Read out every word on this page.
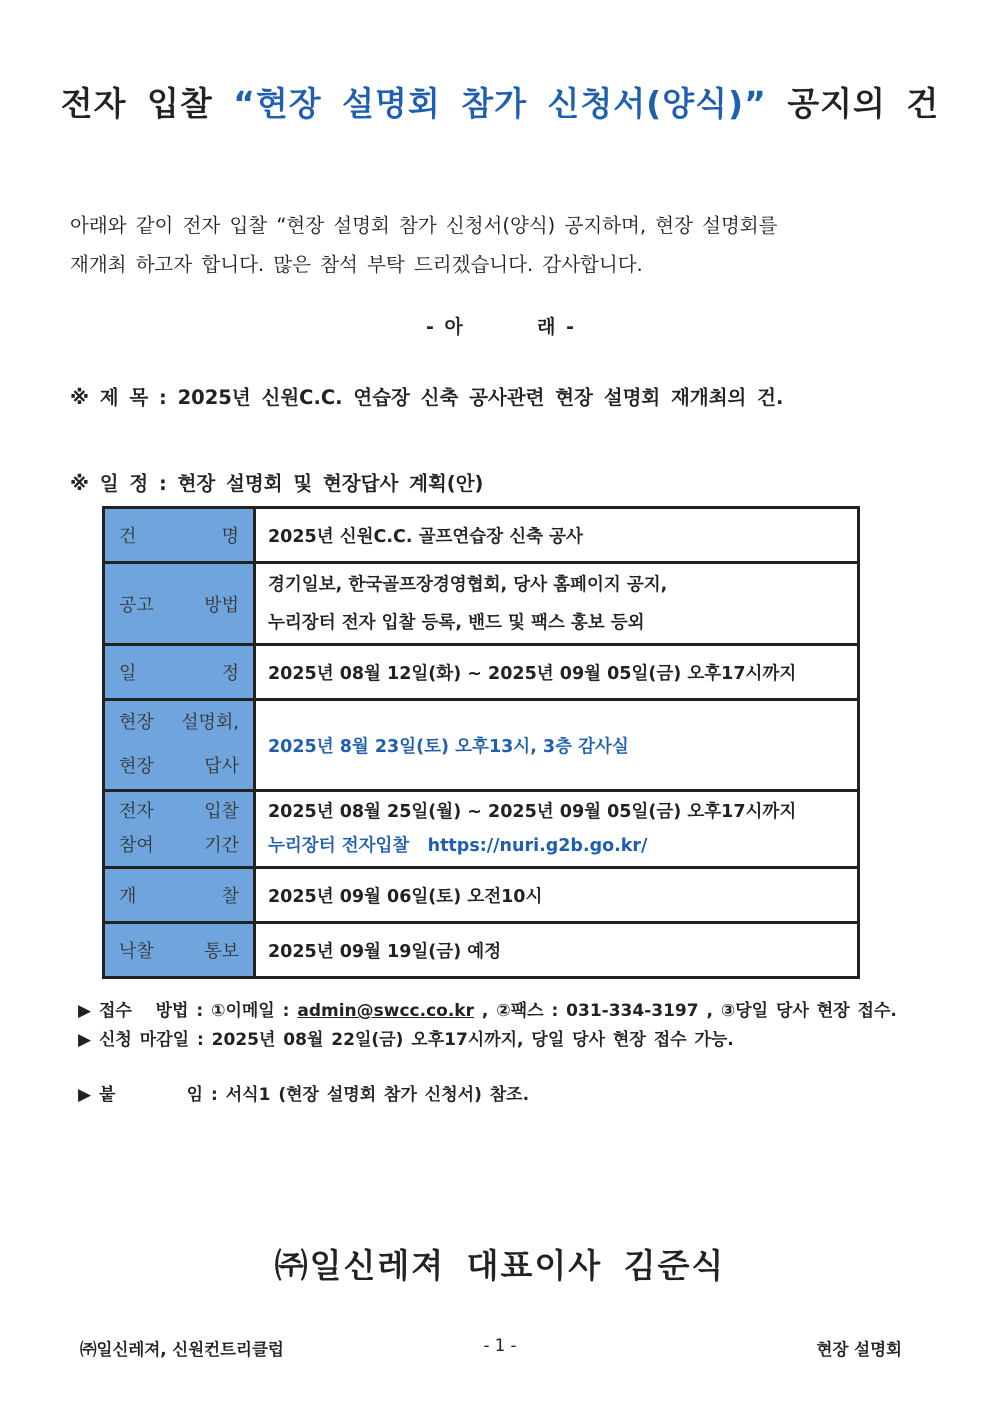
전자 입찰 “현장 설명회 참가 신청서(양식)” 공지의 건
아래와 같이 전자 입찰 “현장 설명회 참가 신청서(양식) 공지하며, 현장 설명회를
재개최 하고자 합니다. 많은 참석 부탁 드리겠습니다. 감사합니다.
- 아       래 -
※ 제 목 : 2025년 신원C.C. 연습장 신축 공사관련 현장 설명회 재개최의 건.
※ 일 정 : 현장 설명회 및 현장답사 계획(안)
건 명	2025년 신원C.C. 골프연습장 신축 공사
공고 방법	경기일보, 한국골프장경영협회, 당사 홈페이지 공지,
누리장터 전자 입찰 등록, 밴드 및 팩스 홍보 등외

일 정	2025년 08월 12일(화) ~ 2025년 09월 05일(금) 오후17시까지

현장 설명회,
현장 답사	2025년 8월 23일(토) 오후13시, 3층 감사실

전자 입찰
참여 기간	2025년 08월 25일(월) ~ 2025년 09월 05일(금) 오후17시까지
누리장터 전자입찰   https://nuri.g2b.go.kr/

개 찰	2025년 09월 06일(토) 오전10시
낙찰 통보	2025년 09월 19일(금) 예정
▶ 접수   방법 : ①이메일 : admin@swcc.co.kr , ②팩스 : 031-334-3197 , ③당일 당사 현장 접수.
▶ 신청 마감일 : 2025년 08월 22일(금) 오후17시까지, 당일 당사 현장 접수 가능.
▶ 붙         임 : 서식1 (현장 설명회 참가 신청서) 참조.
㈜일신레져 대표이사 김준식
㈜일신레져, 신원컨트리클럽	- 1 -	현장 설명회
